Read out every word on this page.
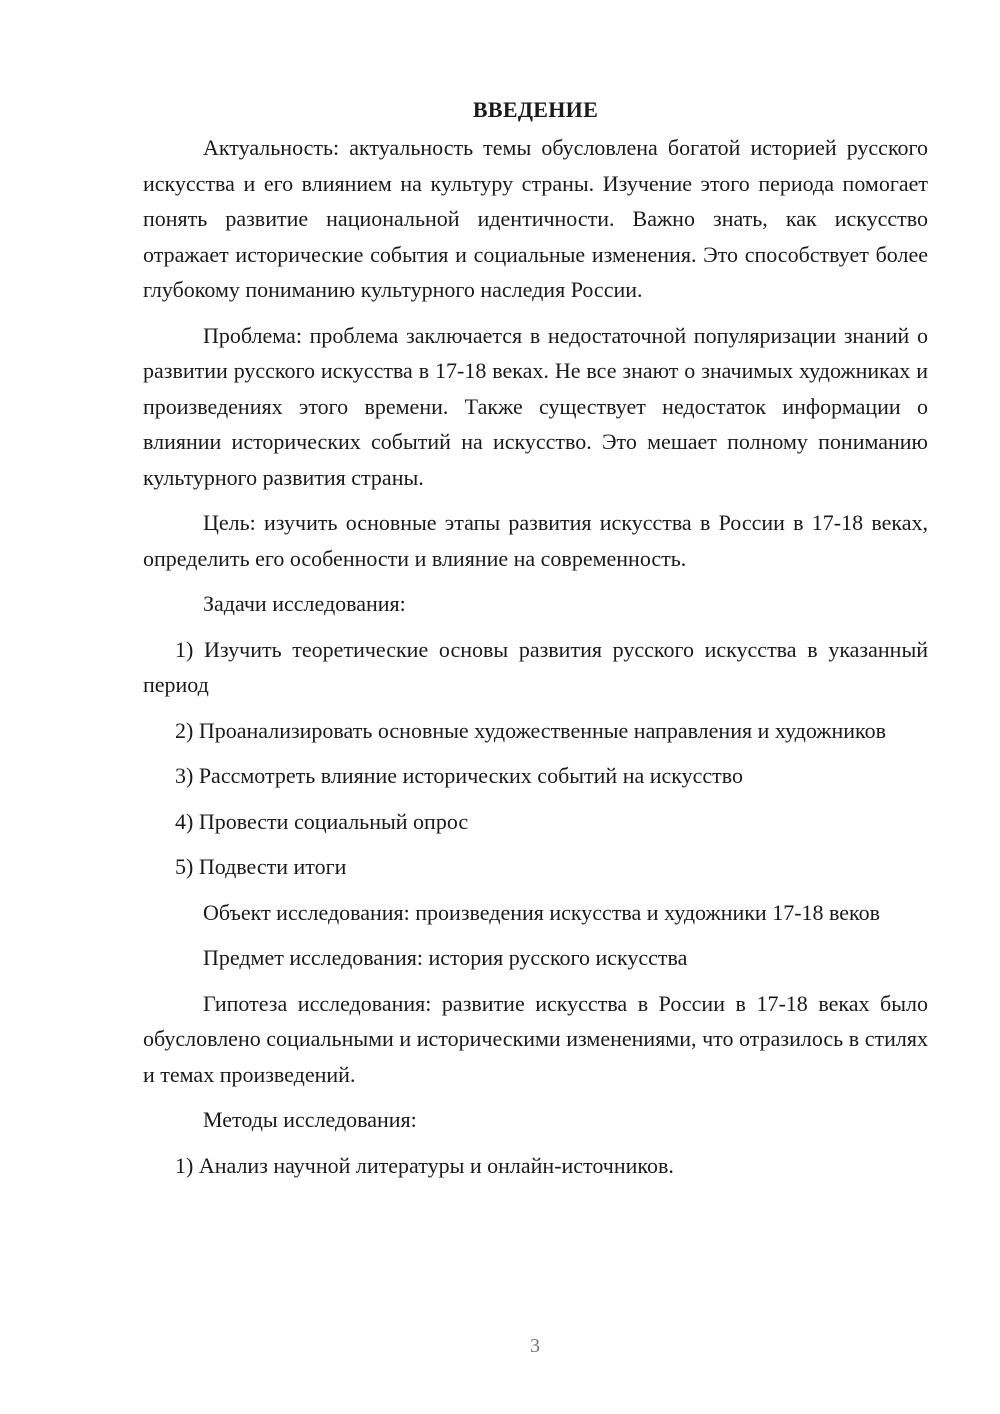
ВВЕДЕНИЕ

Актуальность: актуальность темы обусловлена богатой историей русского искусства и его влиянием на культуру страны. Изучение этого периода помогает понять развитие национальной идентичности. Важно знать, как искусство отражает исторические события и социальные изменения. Это способствует более глубокому пониманию культурного наследия России.

Проблема: проблема заключается в недостаточной популяризации знаний о развитии русского искусства в 17-18 веках. Не все знают о значимых художниках и произведениях этого времени. Также существует недостаток информации о влиянии исторических событий на искусство. Это мешает полному пониманию культурного развития страны.

Цель: изучить основные этапы развития искусства в России в 17-18 веках, определить его особенности и влияние на современность.

Задачи исследования:

1) Изучить теоретические основы развития русского искусства в указанный период

2) Проанализировать основные художественные направления и художников

3) Рассмотреть влияние исторических событий на искусство

4) Провести социальный опрос

5) Подвести итоги

Объект исследования: произведения искусства и художники 17-18 веков

Предмет исследования: история русского искусства

Гипотеза исследования: развитие искусства в России в 17-18 веках было обусловлено социальными и историческими изменениями, что отразилось в стилях и темах произведений.

Методы исследования:

1) Анализ научной литературы и онлайн-источников.

3
